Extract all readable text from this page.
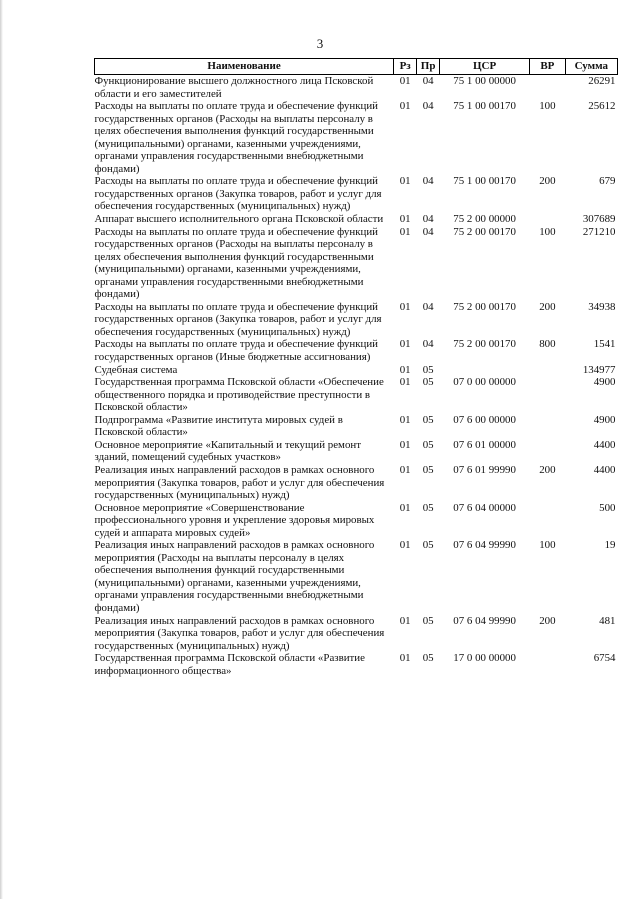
3
Наименование	Рз	Пр	ЦСР	ВР	Сумма
Функционирование высшего должностного лица Псковской области и его заместителей	01	04	75 1 00 00000		26291
Расходы на выплаты по оплате труда и обеспечение функций государственных органов (Расходы на выплаты персоналу в целях обеспечения выполнения функций государственными (муниципальными) органами, казенными учреждениями, органами управления государственными внебюджетными фондами)	01	04	75 1 00 00170	100	25612
Расходы на выплаты по оплате труда и обеспечение функций государственных органов (Закупка товаров, работ и услуг для обеспечения государственных (муниципальных) нужд)	01	04	75 1 00 00170	200	679
Аппарат высшего исполнительного органа Псковской области	01	04	75 2 00 00000		307689
Расходы на выплаты по оплате труда и обеспечение функций государственных органов (Расходы на выплаты персоналу в целях обеспечения выполнения функций государственными (муниципальными) органами, казенными учреждениями, органами управления государственными внебюджетными фондами)	01	04	75 2 00 00170	100	271210
Расходы на выплаты по оплате труда и обеспечение функций государственных органов (Закупка товаров, работ и услуг для обеспечения государственных (муниципальных) нужд)	01	04	75 2 00 00170	200	34938
Расходы на выплаты по оплате труда и обеспечение функций государственных органов (Иные бюджетные ассигнования)	01	04	75 2 00 00170	800	1541
Судебная система	01	05			134977
Государственная программа Псковской области «Обеспечение общественного порядка и противодействие преступности в Псковской области»	01	05	07 0 00 00000		4900
Подпрограмма «Развитие института мировых судей в Псковской области»	01	05	07 6 00 00000		4900
Основное мероприятие «Капитальный и текущий ремонт зданий, помещений судебных участков»	01	05	07 6 01 00000		4400
Реализация иных направлений расходов в рамках основного мероприятия (Закупка товаров, работ и услуг для обеспечения государственных (муниципальных) нужд)	01	05	07 6 01 99990	200	4400
Основное мероприятие «Совершенствование профессионального уровня и укрепление здоровья мировых судей и аппарата мировых судей»	01	05	07 6 04 00000		500
Реализация иных направлений расходов в рамках основного мероприятия (Расходы на выплаты персоналу в целях обеспечения выполнения функций государственными (муниципальными) органами, казенными учреждениями, органами управления государственными внебюджетными фондами)	01	05	07 6 04 99990	100	19
Реализация иных направлений расходов в рамках основного мероприятия (Закупка товаров, работ и услуг для обеспечения государственных (муниципальных) нужд)	01	05	07 6 04 99990	200	481
Государственная программа Псковской области «Развитие информационного общества»	01	05	17 0 00 00000		6754
